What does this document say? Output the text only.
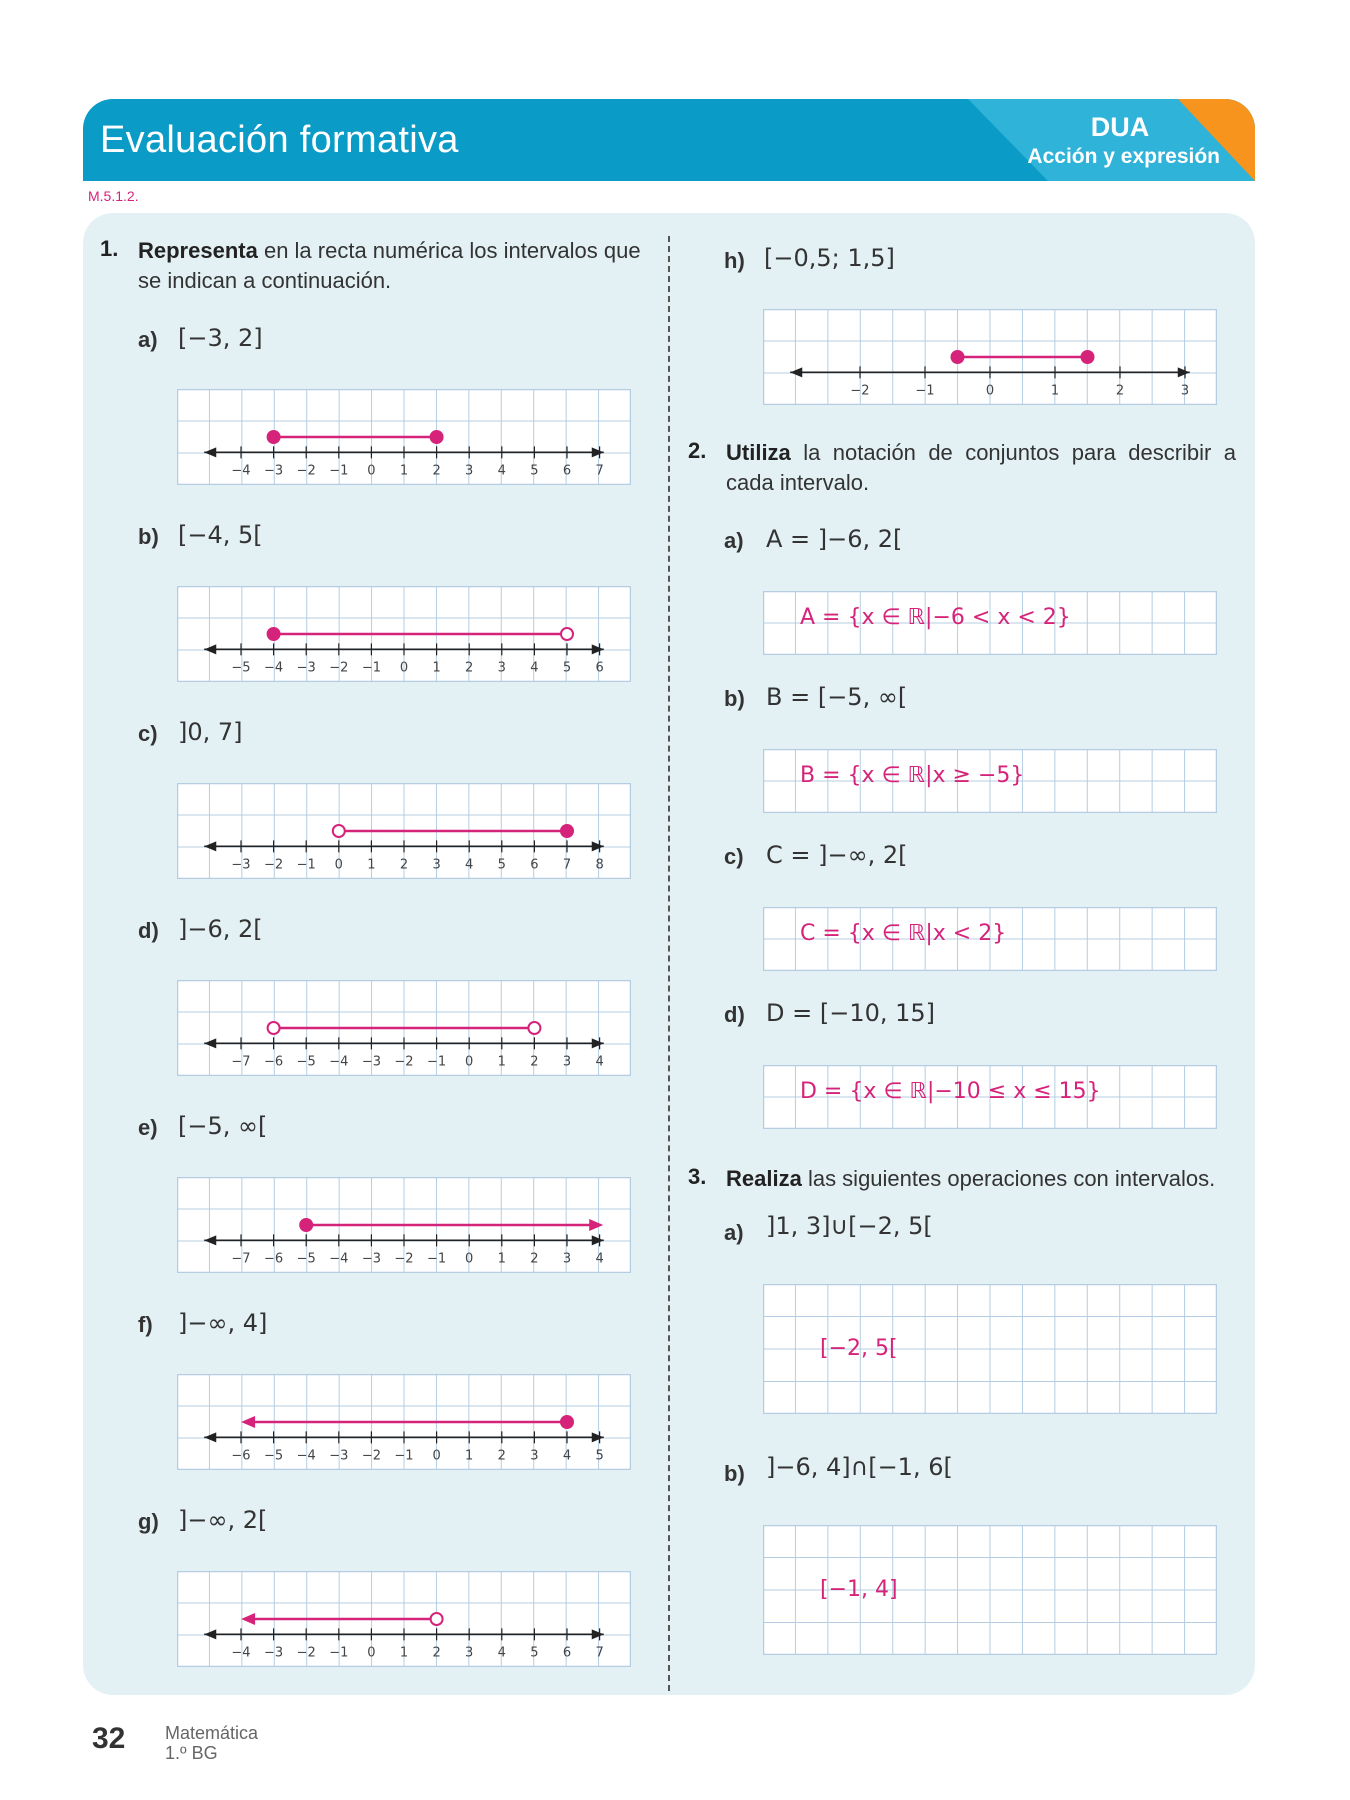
Evaluación formativa	DUA
Acción y expresión
M.5.1.2.
1. Representa en la recta numérica los intervalos que se indican a continuación.
2. Utiliza la notación de conjuntos para describir a cada intervalo.
3. Realiza las siguientes operaciones con intervalos.
a) [−3, 2]
−4 −3 −2 −1 0 1 2 3 4 5 6 7
b) [−4, 5[
−5 −4 −3 −2 −1 0 1 2 3 4 5 6
c) ]0, 7]
−3 −2 −1 0 1 2 3 4 5 6 7 8
d) ]−6, 2[
−7 −6 −5 −4 −3 −2 −1 0 1 2 3 4
e) [−5, ∞[
−7 −6 −5 −4 −3 −2 −1 0 1 2 3 4
f) ]−∞, 4]
−6 −5 −4 −3 −2 −1 0 1 2 3 4 5
g) ]−∞, 2[
−4 −3 −2 −1 0 1 2 3 4 5 6 7
h) [−0,5; 1,5]
−2	−1	0	1	2	3
a) A = ]−6, 2[
A = {x ∈ ℝ|−6 < x < 2}
b) B = [−5, ∞[
B = {x ∈ ℝ|x ≥ −5}
c) C = ]−∞, 2[
C = {x ∈ ℝ|x < 2}
d) D = [−10, 15]
D = {x ∈ ℝ|−10 ≤ x ≤ 15}
a) ]1, 3]∪[−2, 5[
[−2, 5[
b) ]−6, 4]∩[−1, 6[
[−1, 4]
32 Matemática
1.º BG
